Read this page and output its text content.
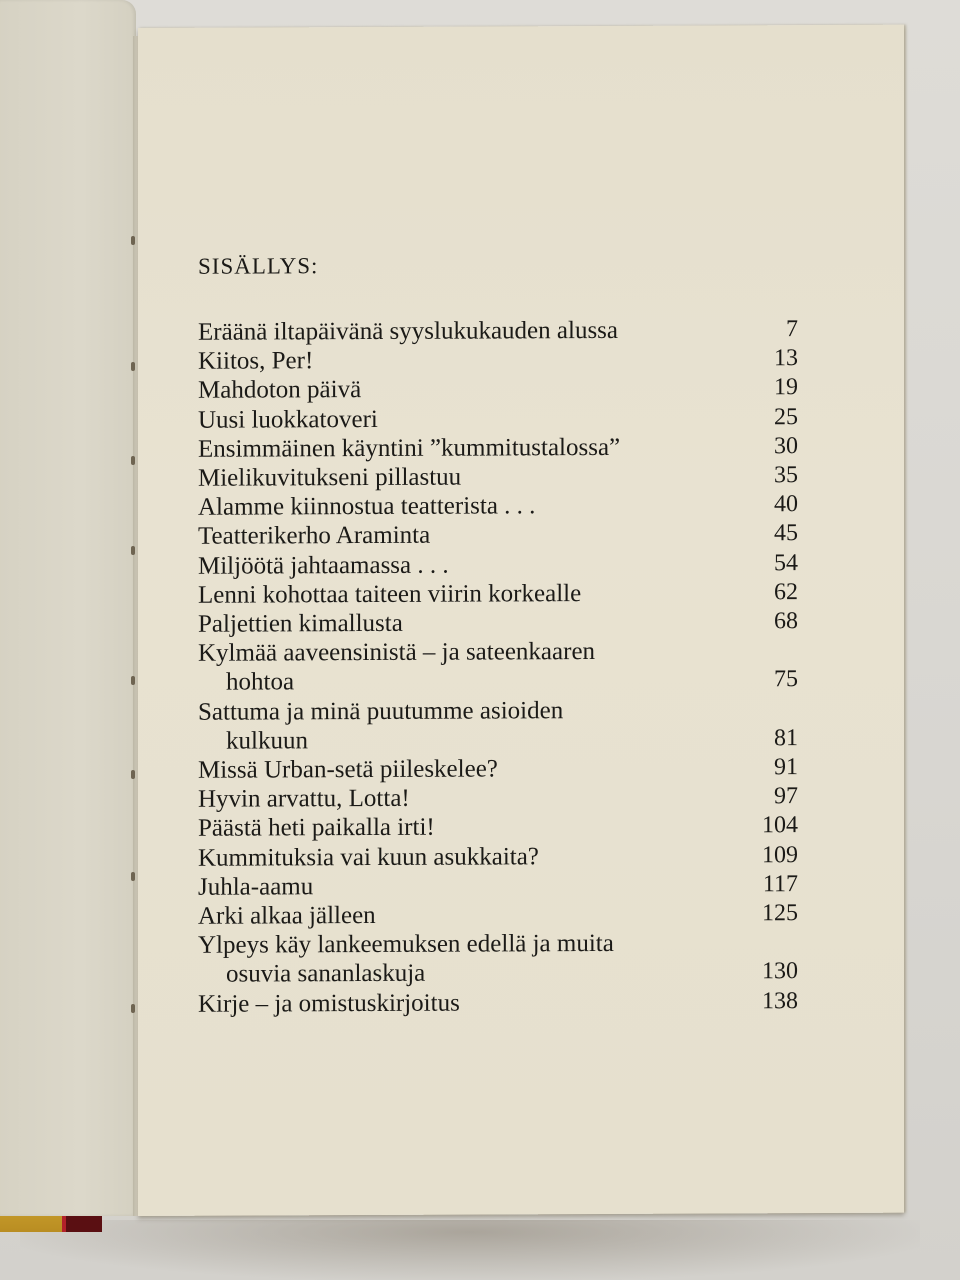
SISÄLLYS:
Eräänä iltapäivänä syyslukukauden alussa	7
Kiitos, Per!	13
Mahdoton päivä	19
Uusi luokkatoveri	25
Ensimmäinen käyntini ”kummitustalossa”	30
Mielikuvitukseni pillastuu	35
Alamme kiinnostua teatterista . . .	40
Teatterikerho Araminta	45
Miljöötä jahtaamassa . . .	54
Lenni kohottaa taiteen viirin korkealle	62
Paljettien kimallusta	68
Kylmää aaveensinistä – ja sateenkaaren
hohtoa	75
Sattuma ja minä puutumme asioiden
kulkuun	81
Missä Urban-setä piileskelee?	91
Hyvin arvattu, Lotta!	97
Päästä heti paikalla irti!	104
Kummituksia vai kuun asukkaita?	109
Juhla-aamu	117
Arki alkaa jälleen	125
Ylpeys käy lankeemuksen edellä ja muita
osuvia sananlaskuja	130
Kirje – ja omistuskirjoitus	138
